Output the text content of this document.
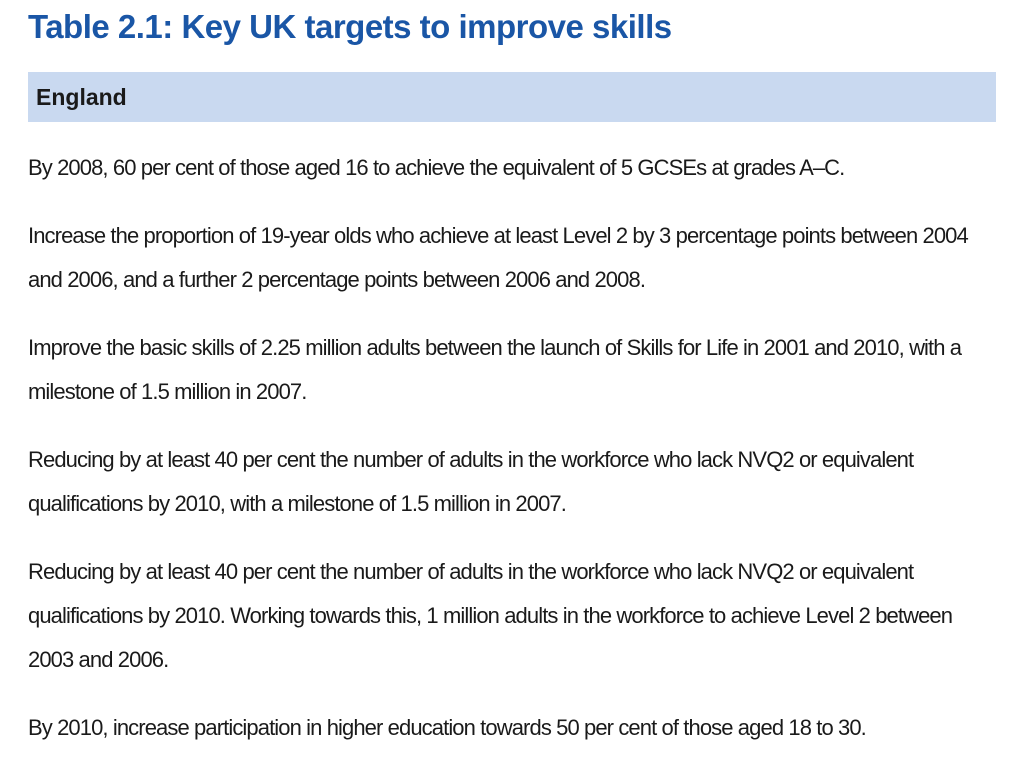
Table 2.1: Key UK targets to improve skills
England
By 2008, 60 per cent of those aged 16 to achieve the equivalent of 5 GCSEs at grades A–C.
Increase the proportion of 19-year olds who achieve at least Level 2 by 3 percentage points between 2004 and 2006, and a further 2 percentage points between 2006 and 2008.
Improve the basic skills of 2.25 million adults between the launch of Skills for Life in 2001 and 2010, with a milestone of 1.5 million in 2007.
Reducing by at least 40 per cent the number of adults in the workforce who lack NVQ2 or equivalent qualifications by 2010, with a milestone of 1.5 million in 2007.
Reducing by at least 40 per cent the number of adults in the workforce who lack NVQ2 or equivalent qualifications by 2010. Working towards this, 1 million adults in the workforce to achieve Level 2 between 2003 and 2006.
By 2010, increase participation in higher education towards 50 per cent of those aged 18 to 30.
